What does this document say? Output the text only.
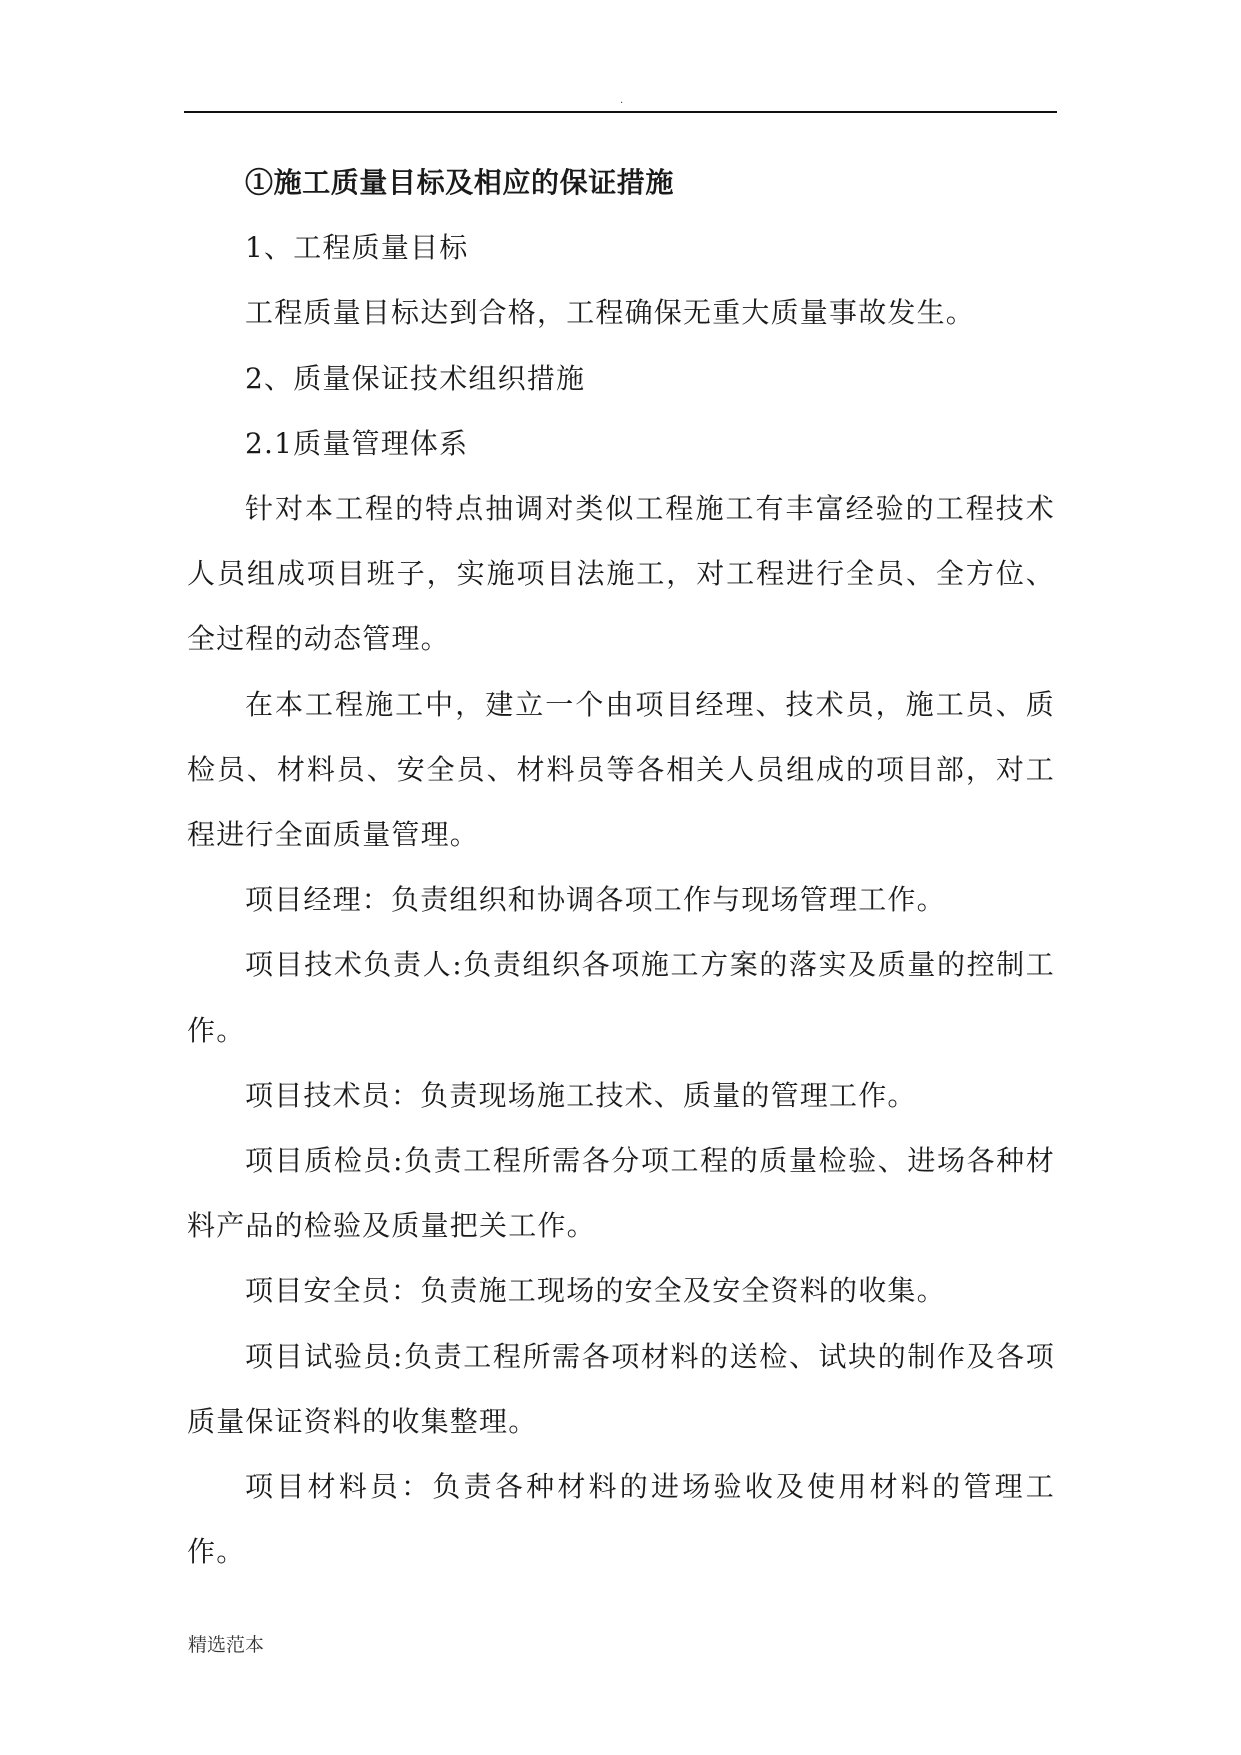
.

①施工质量目标及相应的保证措施

1、工程质量目标

工程质量目标达到合格，工程确保无重大质量事故发生。

2、质量保证技术组织措施

2.1质量管理体系

针对本工程的特点抽调对类似工程施工有丰富经验的工程技术人员组成项目班子，实施项目法施工，对工程进行全员、全方位、全过程的动态管理。

在本工程施工中，建立一个由项目经理、技术员，施工员、质检员、材料员、安全员、材料员等各相关人员组成的项目部，对工程进行全面质量管理。

项目经理：负责组织和协调各项工作与现场管理工作。

项目技术负责人:负责组织各项施工方案的落实及质量的控制工作。

项目技术员：负责现场施工技术、质量的管理工作。

项目质检员:负责工程所需各分项工程的质量检验、进场各种材料产品的检验及质量把关工作。

项目安全员：负责施工现场的安全及安全资料的收集。

项目试验员:负责工程所需各项材料的送检、试块的制作及各项质量保证资料的收集整理。

项目材料员：负责各种材料的进场验收及使用材料的管理工作。

精选范本
